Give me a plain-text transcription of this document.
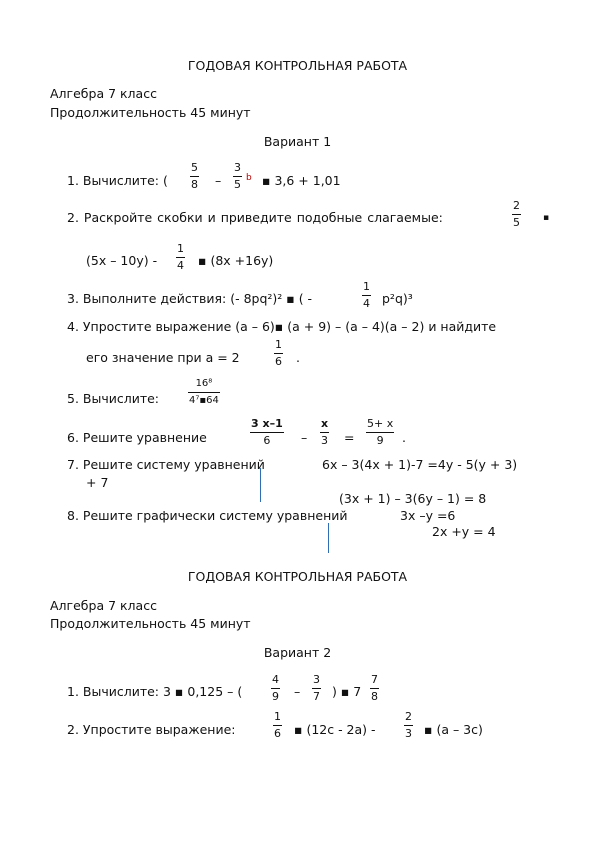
ГОДОВАЯ КОНТРОЛЬНАЯ РАБОТА
Алгебра 7 класс
Продолжительность 45 минут
Вариант 1
1. Вычислите: ( $\frac{5}{8} - \frac{3}{5}$ b ▪ 3,6 + 1,01
2. Раскройте скобки и приведите подобные слагаемые:	$\frac{2}{5}$ ▪
$(5x - 10y) - \frac{1}{4}$ ▪ (8x +16y)
3. Выполните действия: (- 8pq²)² ▪ ( -	$\frac{1}{4} p^2q)^3$
4. Упростите выражение (a – 6)▪ (a + 9) – (a – 4)(a – 2) и найдите
его значение при a = 2	$\frac{1}{6}$ .
5. Вычислите:	$\frac{\text{16⁸}}{\text{4⁷▪64}}$
6. Решите уравнение	$\frac{3 x-1}{6} - \frac{x}{3} = \frac{5+ x}{9}$ .
7. Решите систему уравнений	6x – 3(4x + 1)-7 =4y - 5(y + 3)
+ 7
(3x + 1) – 3(6y – 1) = 8
8. Решите графически систему уравнений	3x –y =6
2x +y = 4
ГОДОВАЯ КОНТРОЛЬНАЯ РАБОТА
Алгебра 7 класс
Продолжительность 45 минут
Вариант 2
1. Вычислите: 3 ▪ 0,125 – (	$\frac{4}{9} - \frac{3}{7}$ ) ▪ $7 \frac{7}{8}$
2. Упростите выражение:	$\frac{1}{6}$ ▪ (12c - 2a) -	$\frac{2}{3}$ ▪ (a – 3c)
